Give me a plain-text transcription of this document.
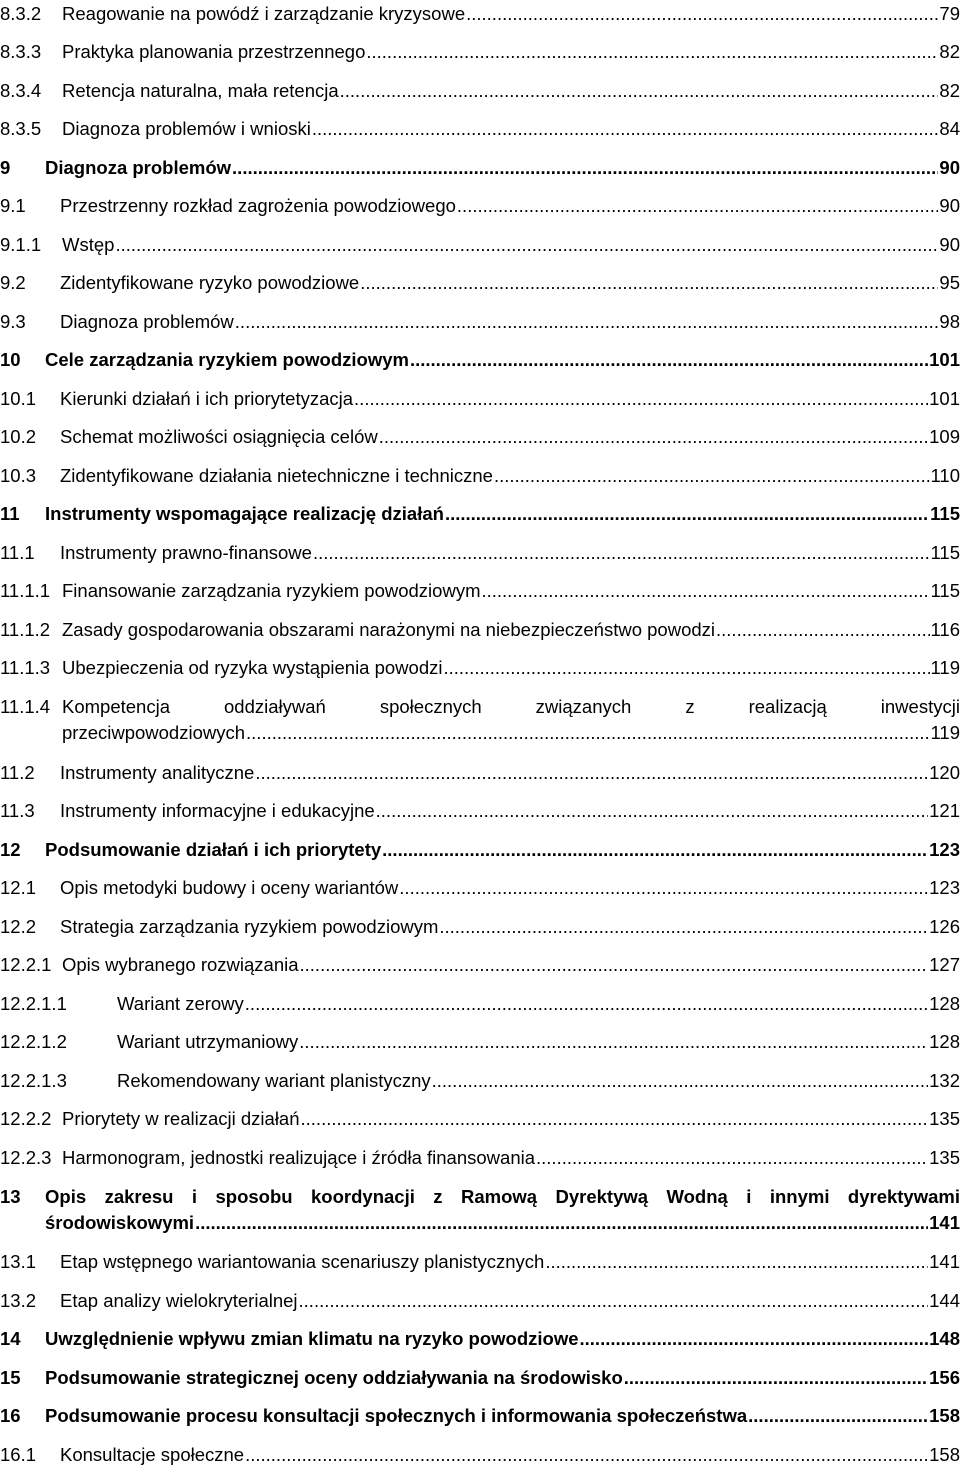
8.3.2	Reagowanie na powódź i zarządzanie kryzysowe .....	79
8.3.3	Praktyka planowania przestrzennego .....	82
8.3.4	Retencja naturalna, mała retencja .....	82
8.3.5	Diagnoza problemów i wnioski .....	84
9	Diagnoza problemów .....	90
9.1	Przestrzenny rozkład zagrożenia powodziowego .....	90
9.1.1	Wstęp .....	90
9.2	Zidentyfikowane ryzyko powodziowe .....	95
9.3	Diagnoza problemów .....	98
10	Cele zarządzania ryzykiem powodziowym .....	101
10.1	Kierunki działań i ich priorytetyzacja .....	101
10.2	Schemat możliwości osiągnięcia celów .....	109
10.3	Zidentyfikowane działania nietechniczne i techniczne .....	110
11	Instrumenty wspomagające realizację działań .....	115
11.1	Instrumenty prawno-finansowe .....	115
11.1.1 Finansowanie zarządzania ryzykiem powodziowym .....	115
11.1.2 Zasady gospodarowania obszarami narażonymi na niebezpieczeństwo powodzi .....	116
11.1.3 Ubezpieczenia od ryzyka wystąpienia powodzi .....	119
11.1.4 Kompetencja	oddziaływań	społecznych	związanych	z	realizacją	inwestycji
przeciwpowodziowych .....	119
11.2	Instrumenty analityczne .....	120
11.3	Instrumenty informacyjne i edukacyjne .....	121
12	Podsumowanie działań i ich priorytety .....	123
12.1	Opis metodyki budowy i oceny wariantów .....	123
12.2	Strategia zarządzania ryzykiem powodziowym .....	126
12.2.1 Opis wybranego rozwiązania .....	127
12.2.1.1	Wariant zerowy .....	128
12.2.1.2	Wariant utrzymaniowy .....	128
12.2.1.3	Rekomendowany wariant planistyczny .....	132
12.2.2 Priorytety w realizacji działań .....	135
12.2.3 Harmonogram, jednostki realizujące i źródła finansowania .....	135
13	Opis zakresu i sposobu koordynacji z Ramową Dyrektywą Wodną i innymi dyrektywami
środowiskowymi .....	141
13.1	Etap wstępnego wariantowania scenariuszy planistycznych .....	141
13.2	Etap analizy wielokryterialnej .....	144
14	Uwzględnienie wpływu zmian klimatu na ryzyko powodziowe .....	148
15	Podsumowanie strategicznej oceny oddziaływania na środowisko .....	156
16	Podsumowanie procesu konsultacji społecznych i informowania społeczeństwa .....	158
16.1	Konsultacje społeczne .....	158
